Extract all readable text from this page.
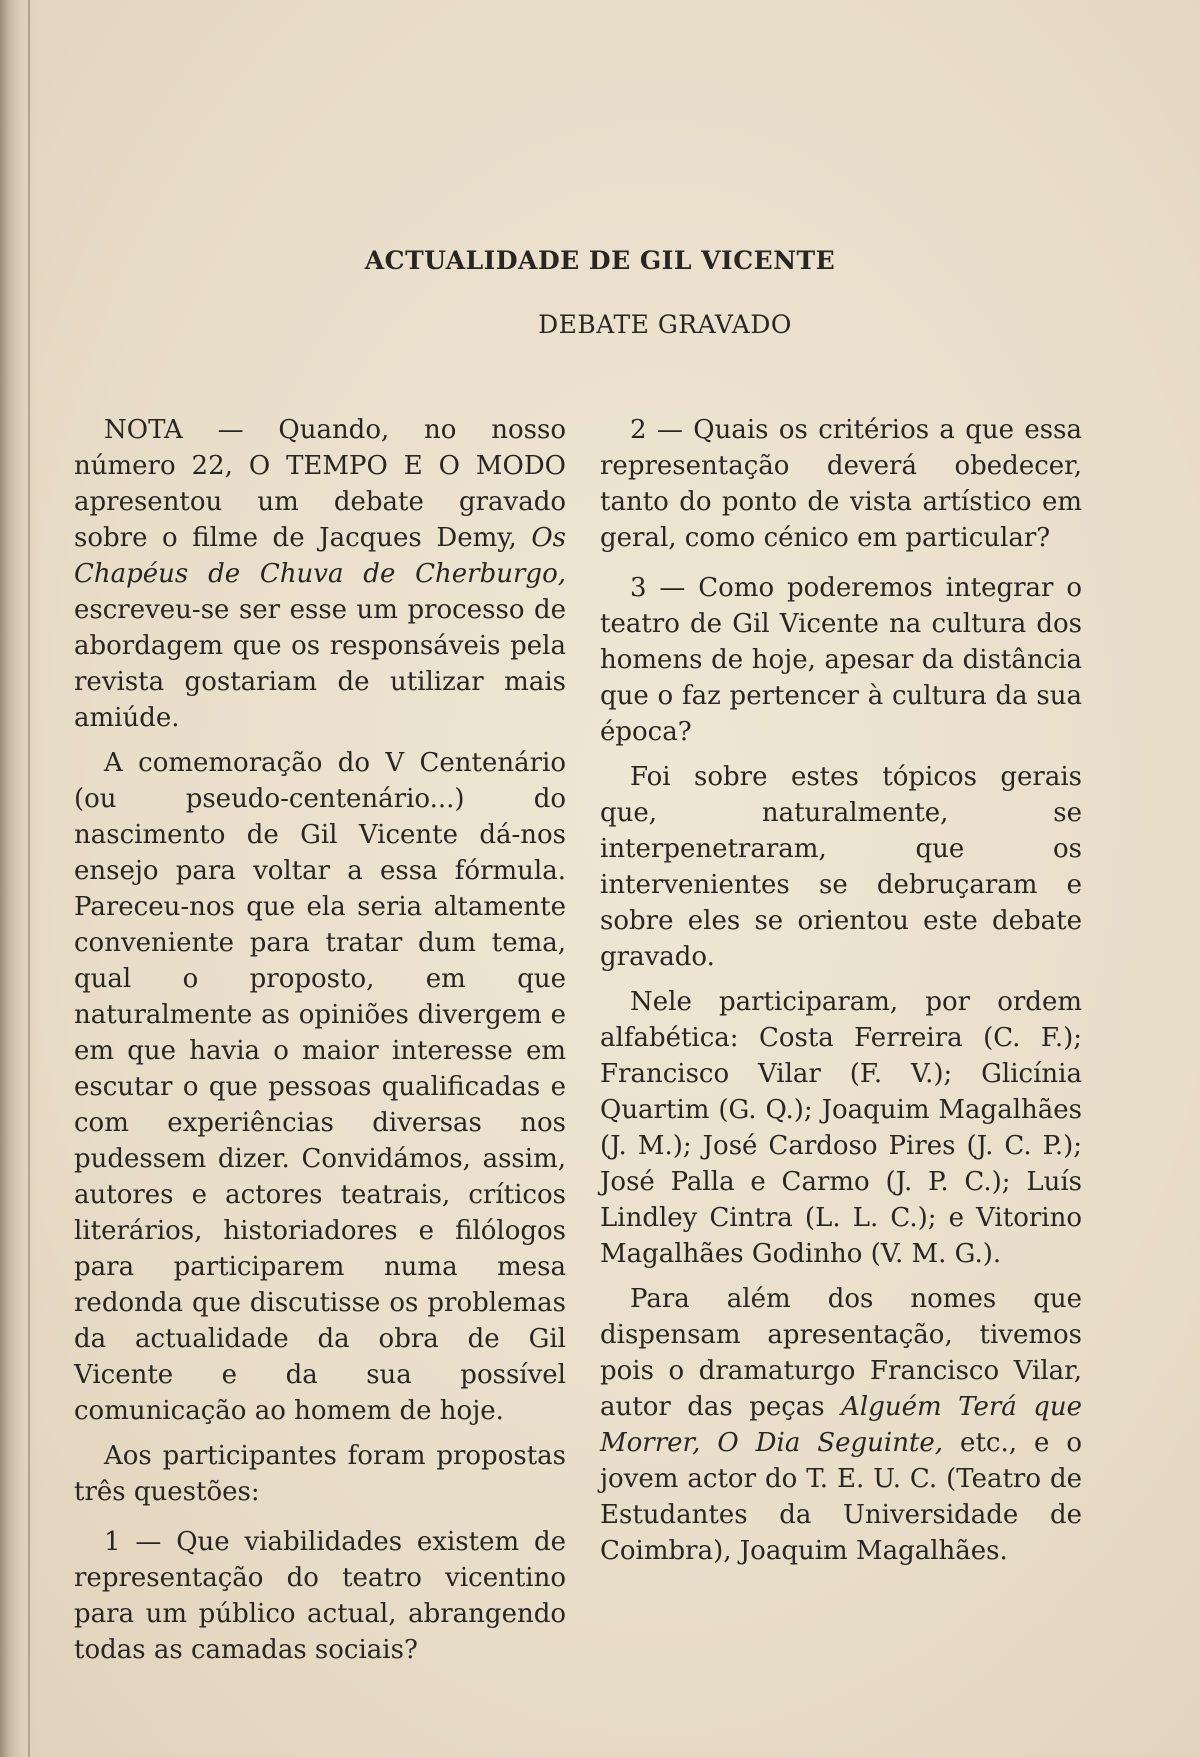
ACTUALIDADE DE GIL VICENTE
DEBATE GRAVADO

NOTA — Quando, no nosso número 22, O TEMPO E O MODO apresentou um debate gravado sobre o filme de Jacques Demy, Os Chapéus de Chuva de Cherburgo, escreveu-se ser esse um processo de abordagem que os responsáveis pela revista gostariam de utilizar mais amiúde.

A comemoração do V Centenário (ou pseudo-centenário...) do nascimento de Gil Vicente dá-nos ensejo para voltar a essa fórmula. Pareceu-nos que ela seria altamente conveniente para tratar dum tema, qual o proposto, em que naturalmente as opiniões divergem e em que havia o maior interesse em escutar o que pessoas qualificadas e com experiências diversas nos pudessem dizer. Convidámos, assim, autores e actores teatrais, críticos literários, historiadores e filólogos para participarem numa mesa redonda que discutisse os problemas da actualidade da obra de Gil Vicente e da sua possível comunicação ao homem de hoje.

Aos participantes foram propostas três questões:

1 — Que viabilidades existem de representação do teatro vicentino para um público actual, abrangendo todas as camadas sociais?

2 — Quais os critérios a que essa representação deverá obedecer, tanto do ponto de vista artístico em geral, como cénico em particular?

3 — Como poderemos integrar o teatro de Gil Vicente na cultura dos homens de hoje, apesar da distância que o faz pertencer à cultura da sua época?

Foi sobre estes tópicos gerais que, naturalmente, se interpenetraram, que os intervenientes se debruçaram e sobre eles se orientou este debate gravado.

Nele participaram, por ordem alfabética: Costa Ferreira (C. F.); Francisco Vilar (F. V.); Glicínia Quartim (G. Q.); Joaquim Magalhães (J. M.); José Cardoso Pires (J. C. P.); José Palla e Carmo (J. P. C.); Luís Lindley Cintra (L. L. C.); e Vitorino Magalhães Godinho (V. M. G.).

Para além dos nomes que dispensam apresentação, tivemos pois o dramaturgo Francisco Vilar, autor das peças Alguém Terá que Morrer, O Dia Seguinte, etc., e o jovem actor do T. E. U. C. (Teatro de Estudantes da Universidade de Coimbra), Joaquim Magalhães.
